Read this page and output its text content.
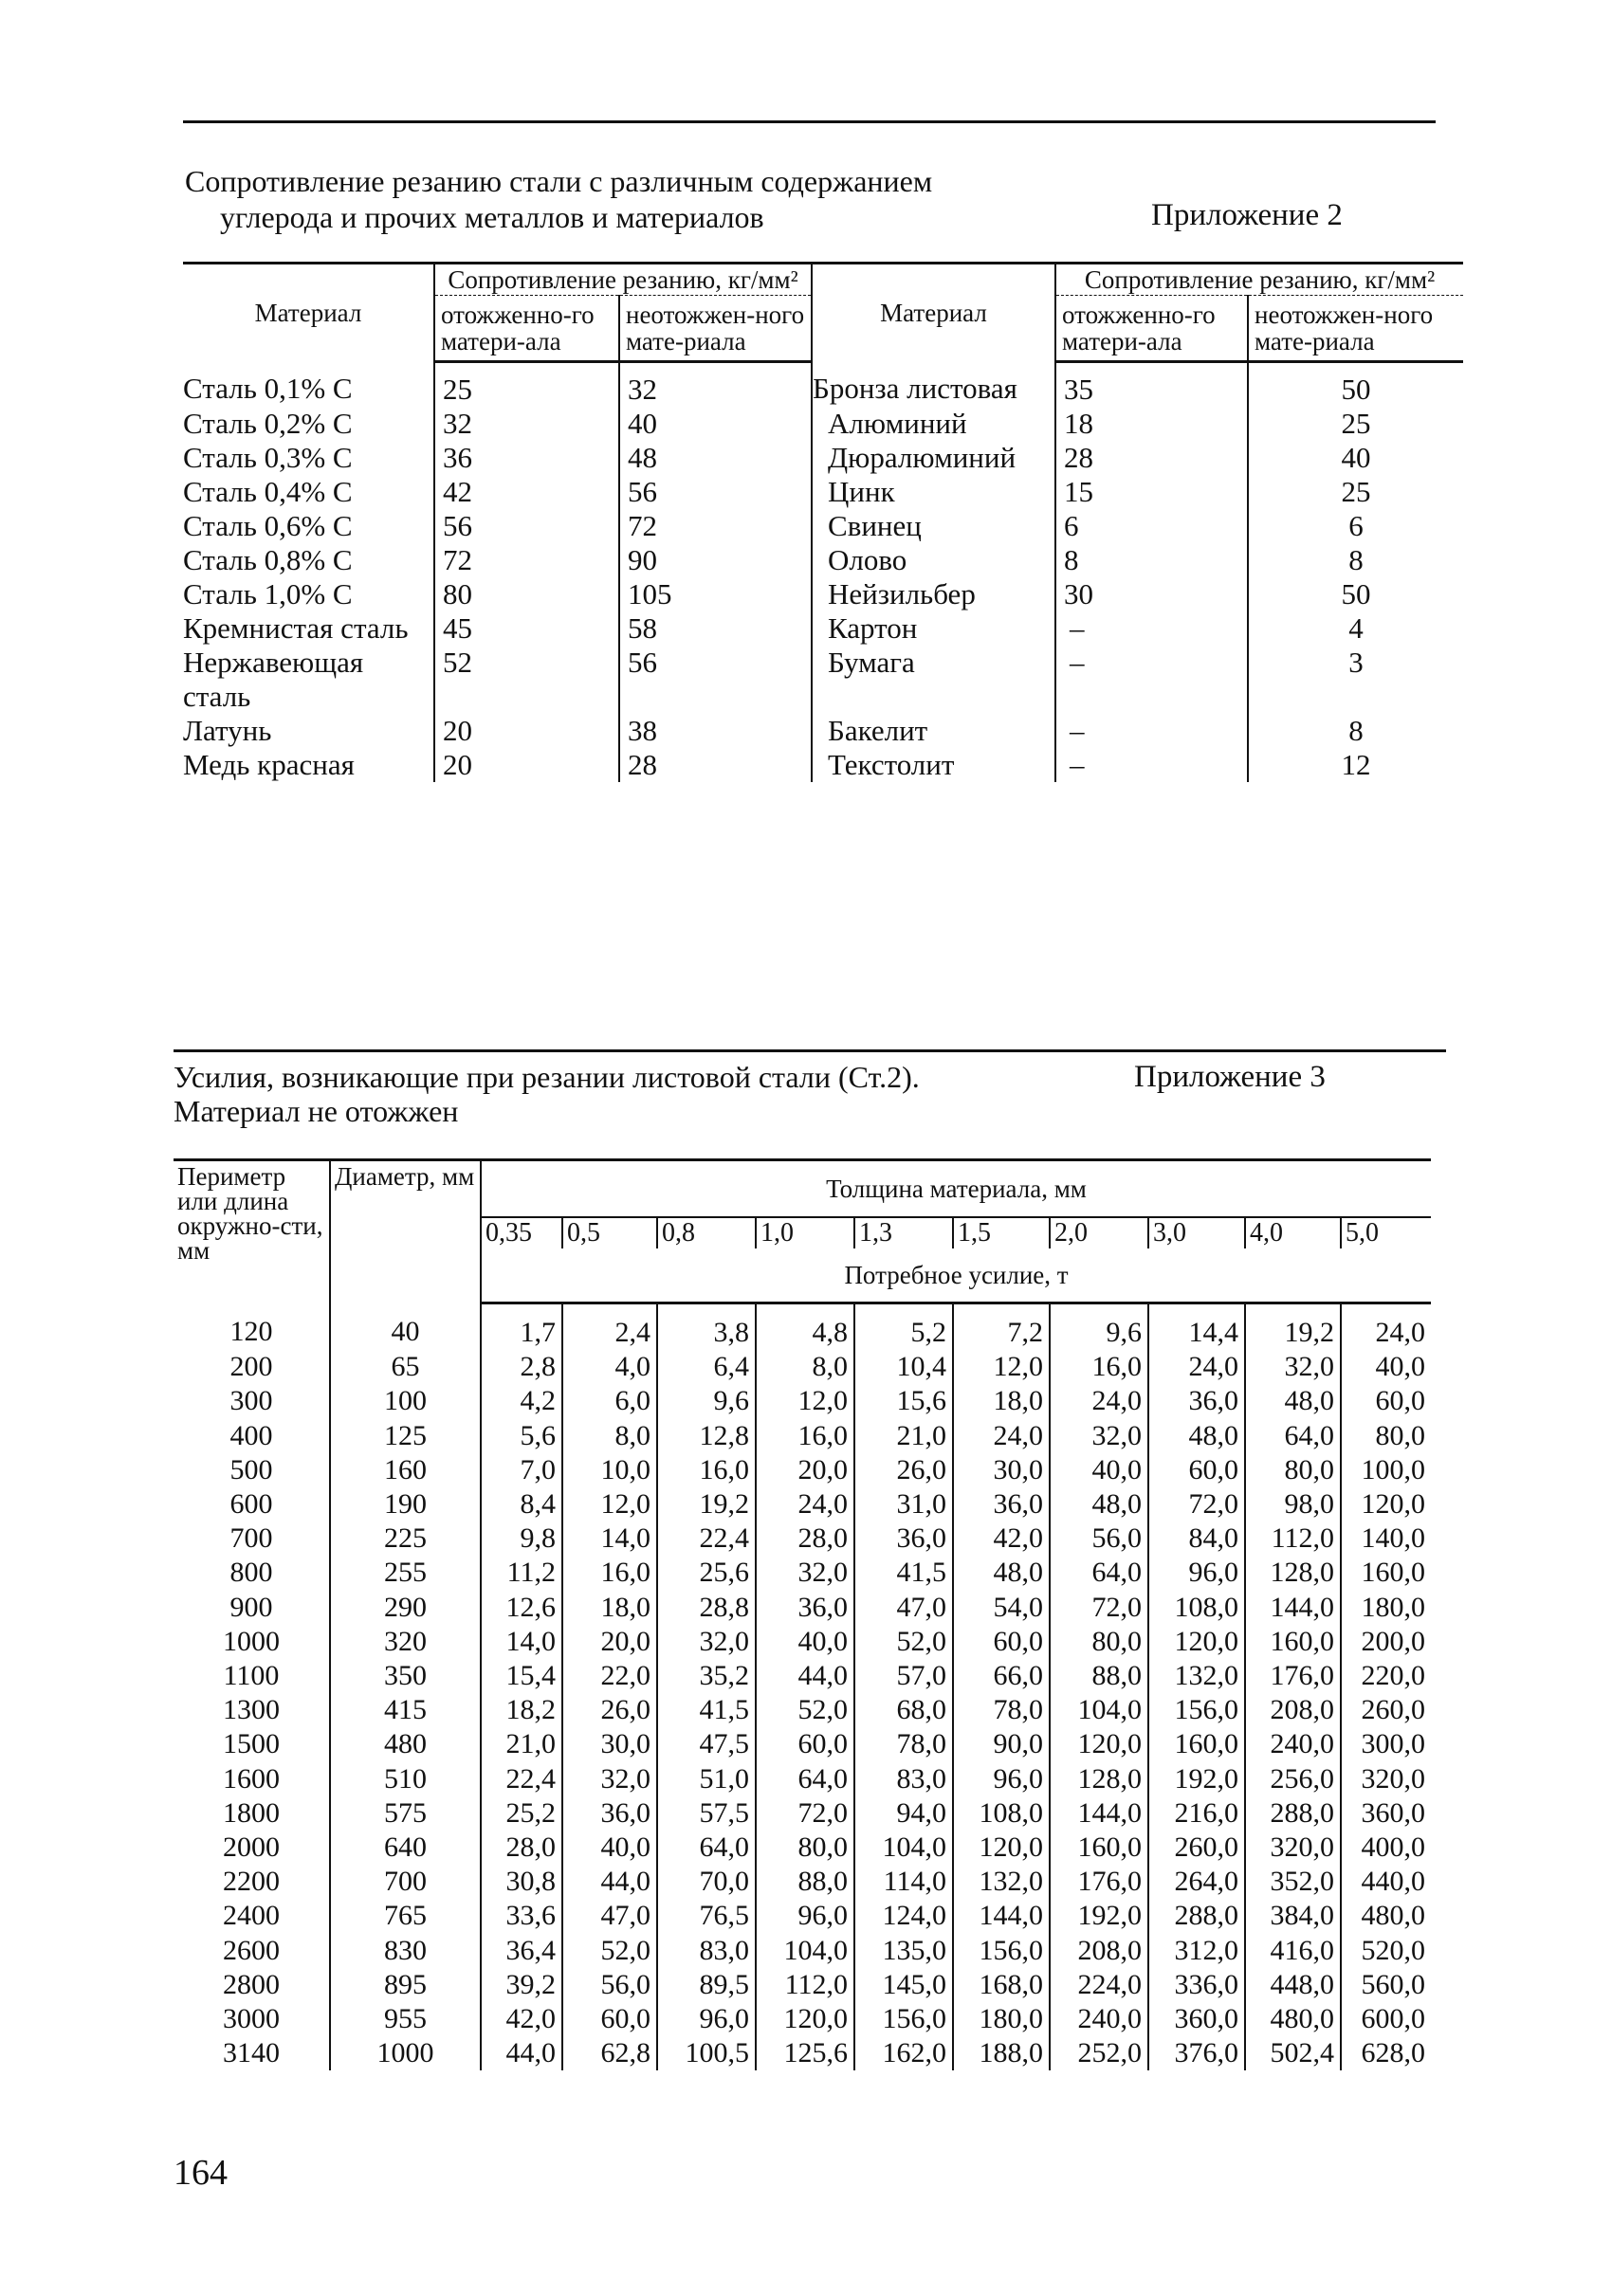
Сопротивление резанию стали с различным содержанием
углерода и прочих металлов и материалов	Приложение 2
Материал	Сопротивление резанию, кг/мм²		Материал	Сопротивление резанию, кг/мм²	
	отожженно-го матери-ала	неотожжен-ного мате-риала		отожженно-го матери-ала	неотожжен-ного мате-риала
Сталь 0,1% С	25	32	Бронза листовая	35	50
Сталь 0,2% С	32	40	Алюминий	18	25
Сталь 0,3% С	36	48	Дюралюминий	28	40
Сталь 0,4% С	42	56	Цинк	15	25
Сталь 0,6% С	56	72	Свинец	6	6
Сталь 0,8% С	72	90	Олово	8	8
Сталь 1,0% С	80	105	Нейзильбер	30	50
Кремнистая сталь	45	58	Картон	–	4
Нержавеющая сталь	52	56	Бумага	–	3
Латунь	20	38	Бакелит	–	8
Медь красная	20	28	Текстолит	–	12
Усилия, возникающие при резании листовой стали (Ст.2).
Материал не отожжен
Приложение 3
Периметр или длина окружно-сти, мм	Диаметр, мм	Толщина материала, мм									
		0,35	0,5	0,8	1,0	1,3	1,5	2,0	3,0	4,0	5,0
		Потребное усилие, т									
120	40	1,7	2,4	3,8	4,8	5,2	7,2	9,6	14,4	19,2	24,0
200	65	2,8	4,0	6,4	8,0	10,4	12,0	16,0	24,0	32,0	40,0
300	100	4,2	6,0	9,6	12,0	15,6	18,0	24,0	36,0	48,0	60,0
400	125	5,6	8,0	12,8	16,0	21,0	24,0	32,0	48,0	64,0	80,0
500	160	7,0	10,0	16,0	20,0	26,0	30,0	40,0	60,0	80,0	100,0
600	190	8,4	12,0	19,2	24,0	31,0	36,0	48,0	72,0	98,0	120,0
700	225	9,8	14,0	22,4	28,0	36,0	42,0	56,0	84,0	112,0	140,0
800	255	11,2	16,0	25,6	32,0	41,5	48,0	64,0	96,0	128,0	160,0
900	290	12,6	18,0	28,8	36,0	47,0	54,0	72,0	108,0	144,0	180,0
1000	320	14,0	20,0	32,0	40,0	52,0	60,0	80,0	120,0	160,0	200,0
1100	350	15,4	22,0	35,2	44,0	57,0	66,0	88,0	132,0	176,0	220,0
1300	415	18,2	26,0	41,5	52,0	68,0	78,0	104,0	156,0	208,0	260,0
1500	480	21,0	30,0	47,5	60,0	78,0	90,0	120,0	160,0	240,0	300,0
1600	510	22,4	32,0	51,0	64,0	83,0	96,0	128,0	192,0	256,0	320,0
1800	575	25,2	36,0	57,5	72,0	94,0	108,0	144,0	216,0	288,0	360,0
2000	640	28,0	40,0	64,0	80,0	104,0	120,0	160,0	260,0	320,0	400,0
2200	700	30,8	44,0	70,0	88,0	114,0	132,0	176,0	264,0	352,0	440,0
2400	765	33,6	47,0	76,5	96,0	124,0	144,0	192,0	288,0	384,0	480,0
2600	830	36,4	52,0	83,0	104,0	135,0	156,0	208,0	312,0	416,0	520,0
2800	895	39,2	56,0	89,5	112,0	145,0	168,0	224,0	336,0	448,0	560,0
3000	955	42,0	60,0	96,0	120,0	156,0	180,0	240,0	360,0	480,0	600,0
3140	1000	44,0	62,8	100,5	125,6	162,0	188,0	252,0	376,0	502,4	628,0
164
